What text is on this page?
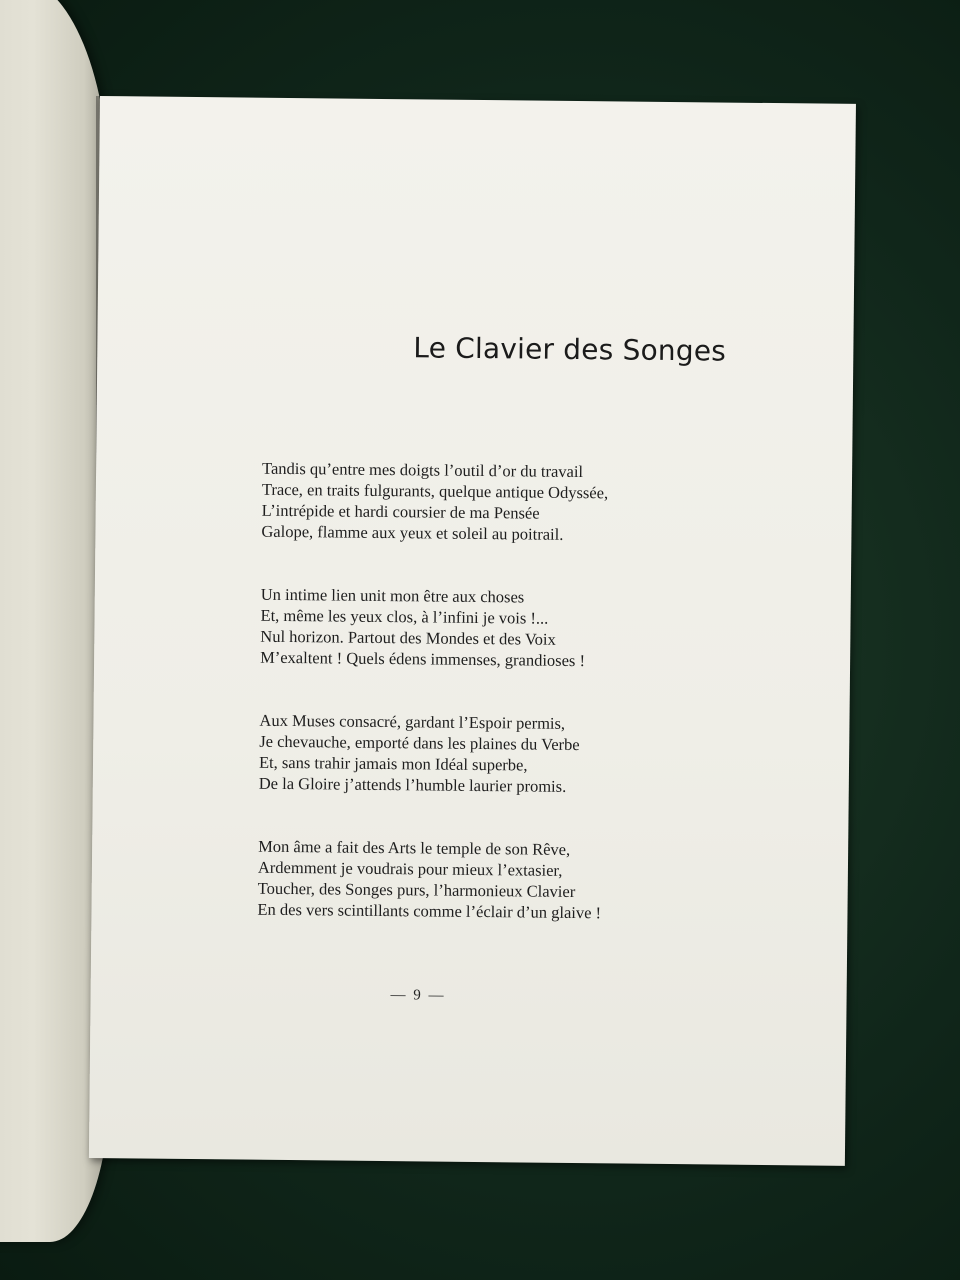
Le Clavier des Songes

Tandis qu’entre mes doigts l’outil d’or du travail
Trace, en traits fulgurants, quelque antique Odyssée,
L’intrépide et hardi coursier de ma Pensée
Galope, flamme aux yeux et soleil au poitrail.

Un intime lien unit mon être aux choses
Et, même les yeux clos, à l’infini je vois !...
Nul horizon. Partout des Mondes et des Voix
M’exaltent ! Quels édens immenses, grandioses !

Aux Muses consacré, gardant l’Espoir permis,
Je chevauche, emporté dans les plaines du Verbe
Et, sans trahir jamais mon Idéal superbe,
De la Gloire j’attends l’humble laurier promis.

Mon âme a fait des Arts le temple de son Rêve,
Ardemment je voudrais pour mieux l’extasier,
Toucher, des Songes purs, l’harmonieux Clavier
En des vers scintillants comme l’éclair d’un glaive !

— 9 —
